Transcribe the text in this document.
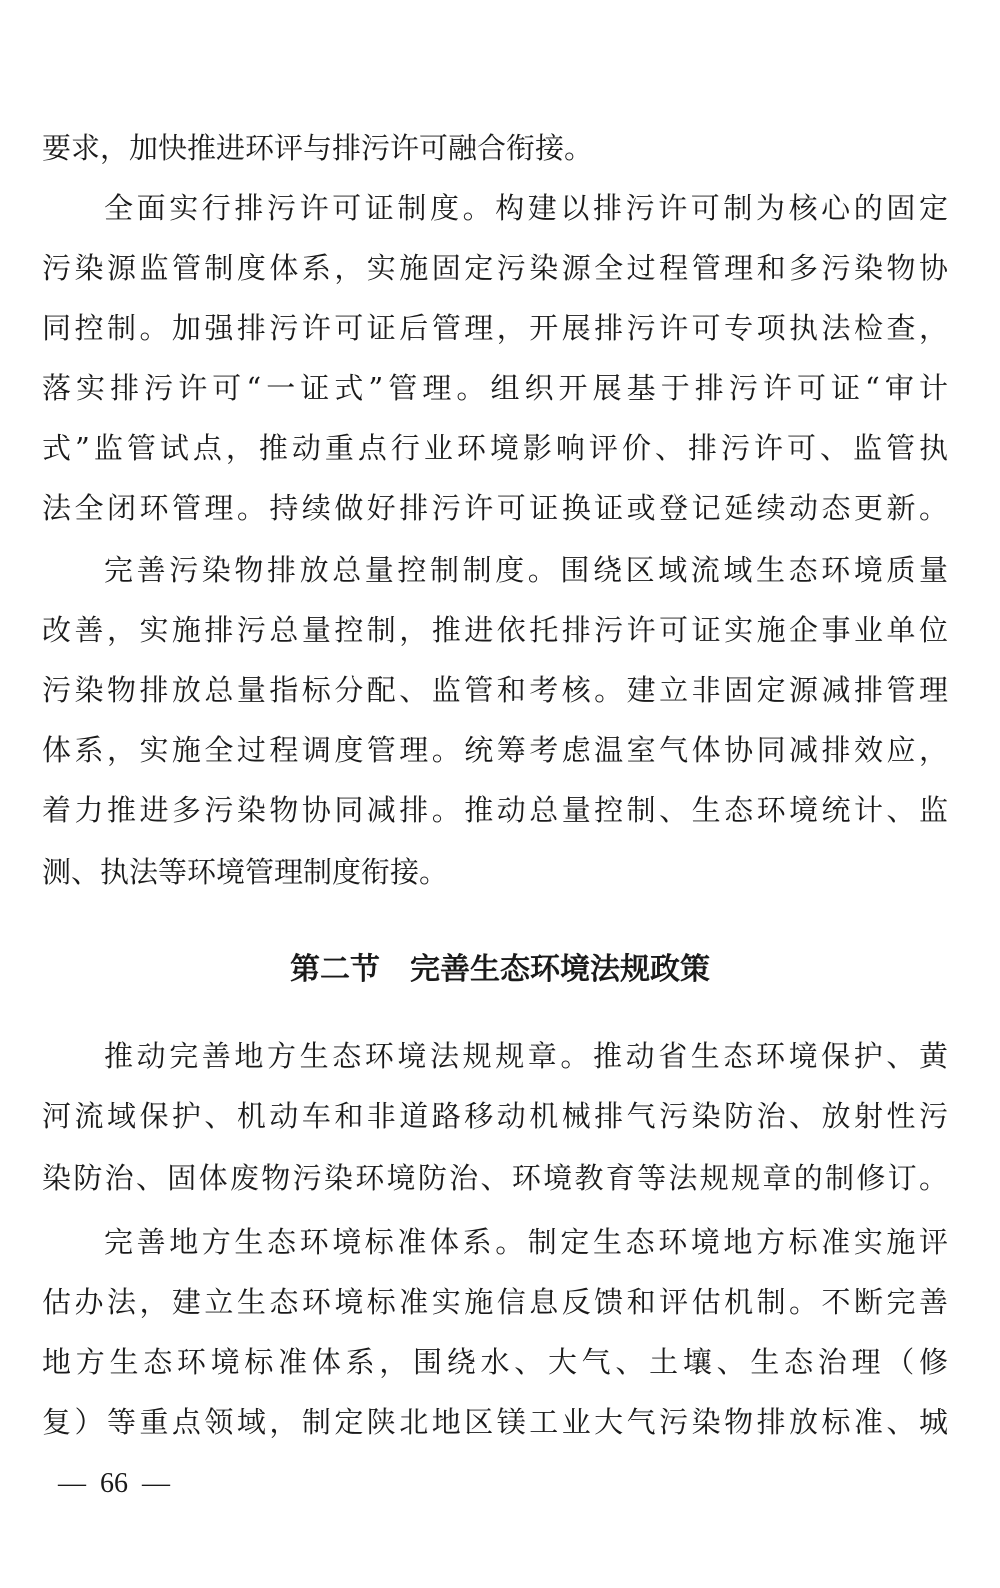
要求，加快推进环评与排污许可融合衔接。
全面实行排污许可证制度。构建以排污许可制为核心的固定
污染源监管制度体系，实施固定污染源全过程管理和多污染物协
同控制。加强排污许可证后管理，开展排污许可专项执法检查，
落实排污许可“一证式”管理。组织开展基于排污许可证“审计
式”监管试点，推动重点行业环境影响评价、排污许可、监管执
法全闭环管理。持续做好排污许可证换证或登记延续动态更新。
完善污染物排放总量控制制度。围绕区域流域生态环境质量
改善，实施排污总量控制，推进依托排污许可证实施企事业单位
污染物排放总量指标分配、监管和考核。建立非固定源减排管理
体系，实施全过程调度管理。统筹考虑温室气体协同减排效应，
着力推进多污染物协同减排。推动总量控制、生态环境统计、监
测、执法等环境管理制度衔接。
第二节　完善生态环境法规政策
推动完善地方生态环境法规规章。推动省生态环境保护、黄
河流域保护、机动车和非道路移动机械排气污染防治、放射性污
染防治、固体废物污染环境防治、环境教育等法规规章的制修订。
完善地方生态环境标准体系。制定生态环境地方标准实施评
估办法，建立生态环境标准实施信息反馈和评估机制。不断完善
地方生态环境标准体系，围绕水、大气、土壤、生态治理（修
复）等重点领域，制定陕北地区镁工业大气污染物排放标准、城
—  66  —
